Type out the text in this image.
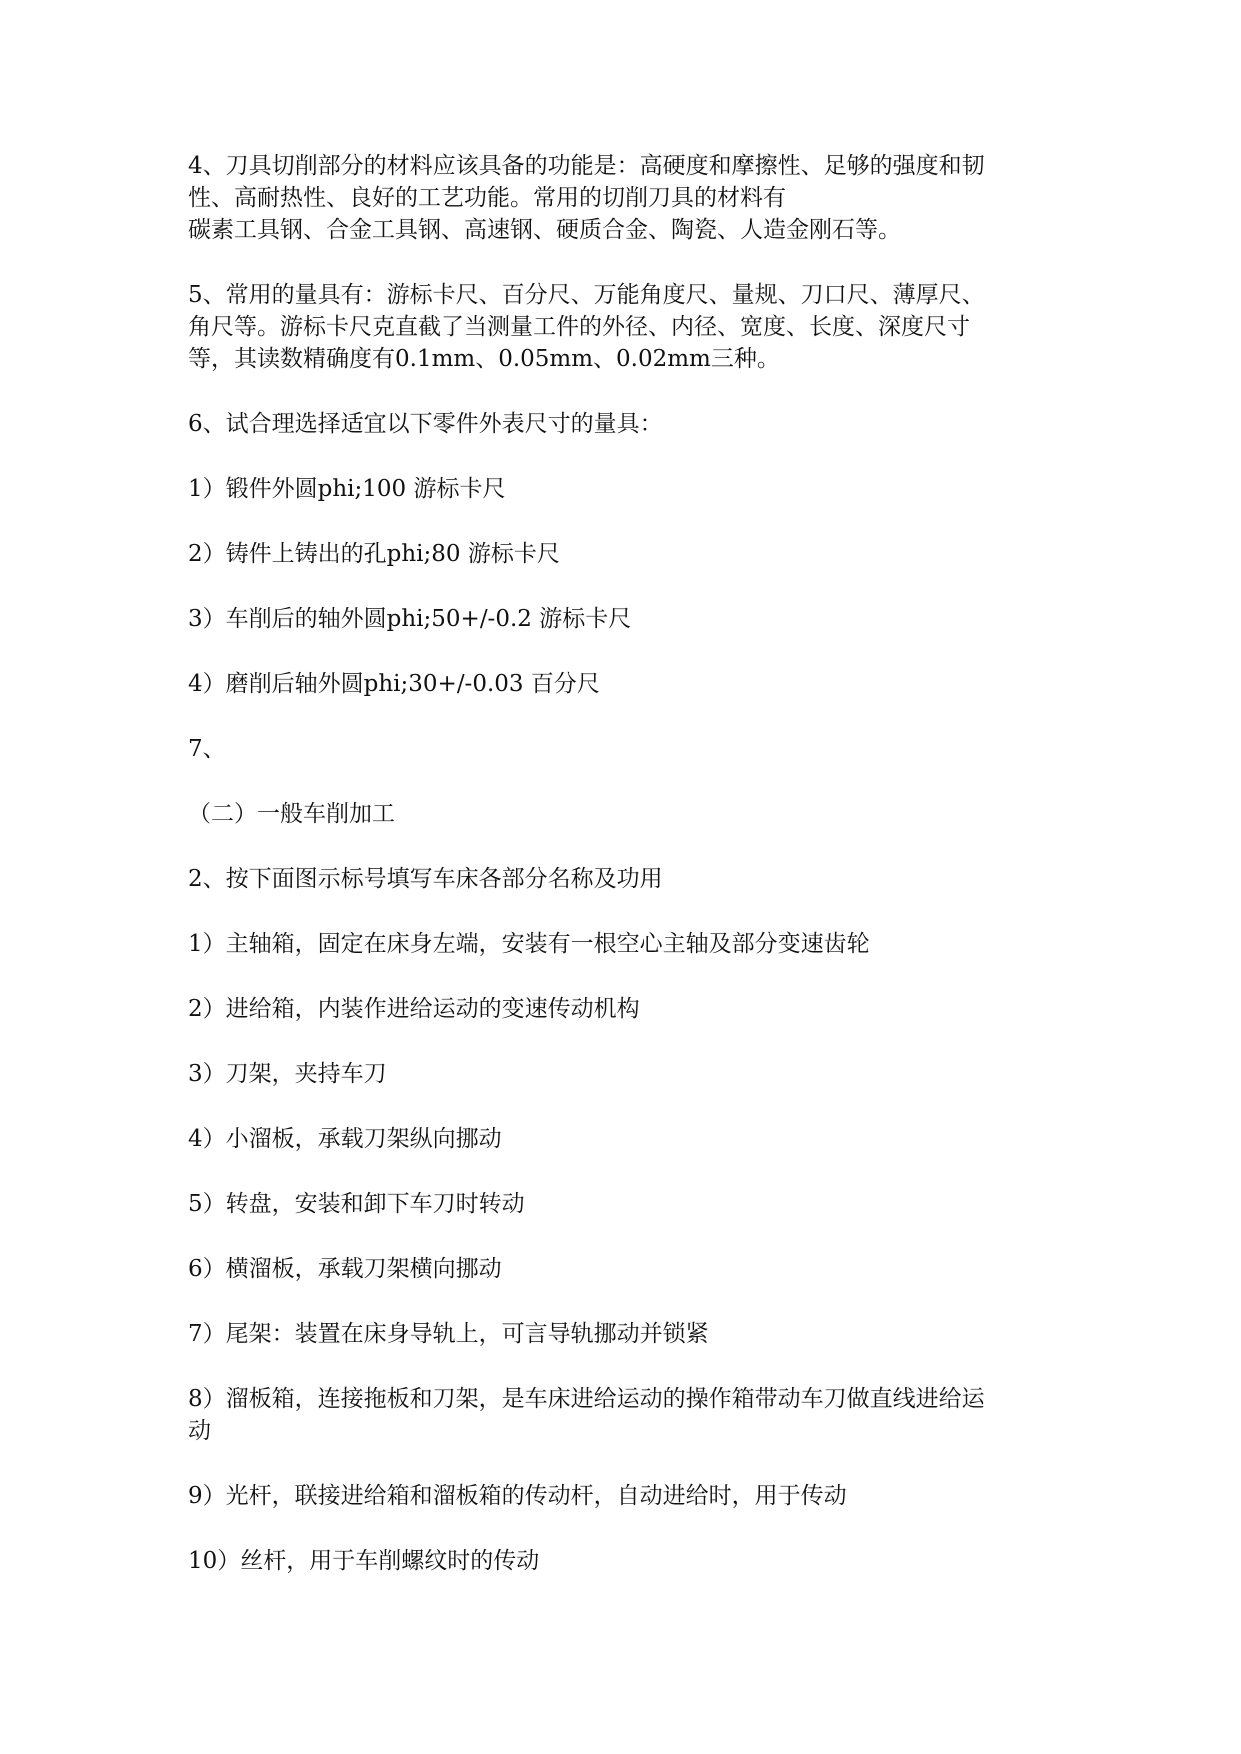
4、刀具切削部分的材料应该具备的功能是：高硬度和摩擦性、足够的强度和韧
性、高耐热性、良好的工艺功能。常用的切削刀具的材料有
碳素工具钢、合金工具钢、高速钢、硬质合金、陶瓷、人造金刚石等。
5、常用的量具有：游标卡尺、百分尺、万能角度尺、量规、刀口尺、薄厚尺、
角尺等。游标卡尺克直截了当测量工件的外径、内径、宽度、长度、深度尺寸
等，其读数精确度有0.1mm、0.05mm、0.02mm三种。
6、试合理选择适宜以下零件外表尺寸的量具：
1）锻件外圆phi;100 游标卡尺
2）铸件上铸出的孔phi;80 游标卡尺
3）车削后的轴外圆phi;50+/-0.2 游标卡尺
4）磨削后轴外圆phi;30+/-0.03 百分尺
7、
（二）一般车削加工
2、按下面图示标号填写车床各部分名称及功用
1）主轴箱，固定在床身左端，安装有一根空心主轴及部分变速齿轮
2）进给箱，内装作进给运动的变速传动机构
3）刀架，夹持车刀
4）小溜板，承载刀架纵向挪动
5）转盘，安装和卸下车刀时转动
6）横溜板，承载刀架横向挪动
7）尾架：装置在床身导轨上，可言导轨挪动并锁紧
8）溜板箱，连接拖板和刀架，是车床进给运动的操作箱带动车刀做直线进给运
动
9）光杆，联接进给箱和溜板箱的传动杆，自动进给时，用于传动
10）丝杆，用于车削螺纹时的传动
